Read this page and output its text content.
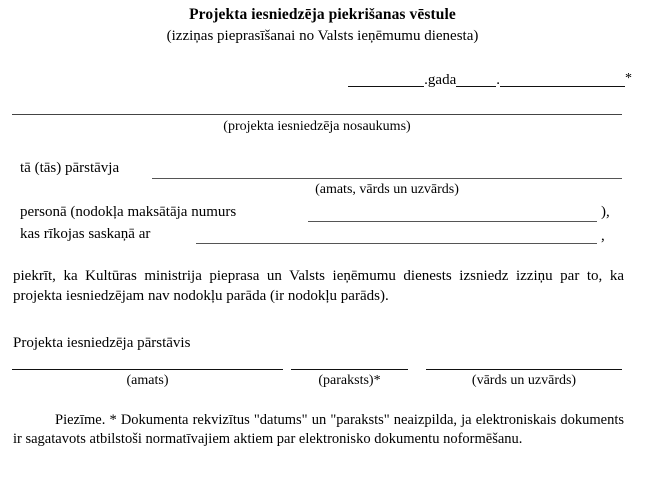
Projekta iesniedzēja piekrišanas vēstule
(izziņas pieprasīšanai no Valsts ieņēmumu dienesta)
.gada	.	*
(projekta iesniedzēja nosaukums)
tā (tās) pārstāvja
(amats, vārds un uzvārds)
personā (nodokļa maksātāja numurs	),
kas rīkojas saskaņā ar	,
piekrīt, ka Kultūras ministrija pieprasa un Valsts ieņēmumu dienests izsniedz izziņu par to, ka projekta iesniedzējam nav nodokļu parāda (ir nodokļu parāds).
Projekta iesniedzēja pārstāvis
(amats)	(paraksts)*	(vārds un uzvārds)
Piezīme. * Dokumenta rekvizītus "datums" un "paraksts" neaizpilda, ja elektroniskais dokuments ir sagatavots atbilstoši normatīvajiem aktiem par elektronisko dokumentu noformēšanu.
